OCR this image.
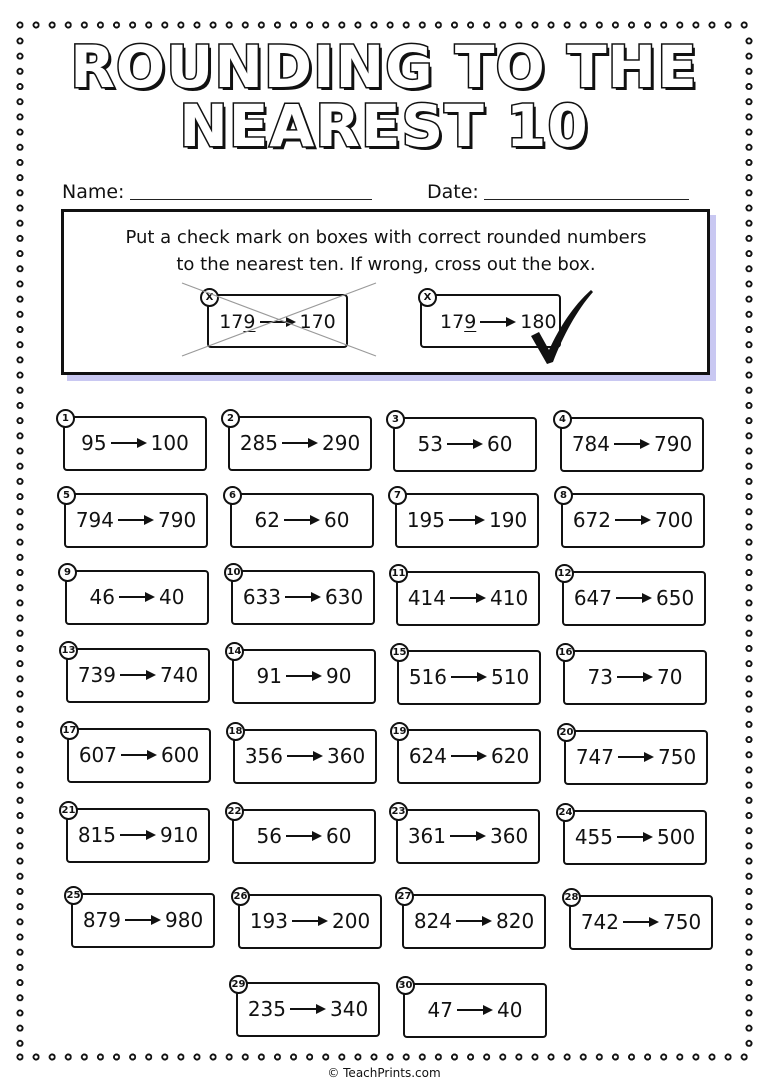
ROUNDING TO THE
NEAREST 10
Name:	Date:
Put a check mark on boxes with correct rounded numbers
to the nearest ten. If wrong, cross out the box.
179 170
X
179 180
X
95 100
1
285 290
2
53 60
3
784 790
4
794 790
5
62 60
6
195 190
7
672 700
8
46 40
9
633 630
10
414 410
11
647 650
12
739 740
13
91 90
14
516 510
15
73 70
16
607 600
17
356 360
18
624 620
19
747 750
20
815 910
21
56 60
22
361 360
23
455 500
24
879 980
25
193 200
26
824 820
27
742 750
28
235 340
29
47 40
30
© TeachPrints.com
